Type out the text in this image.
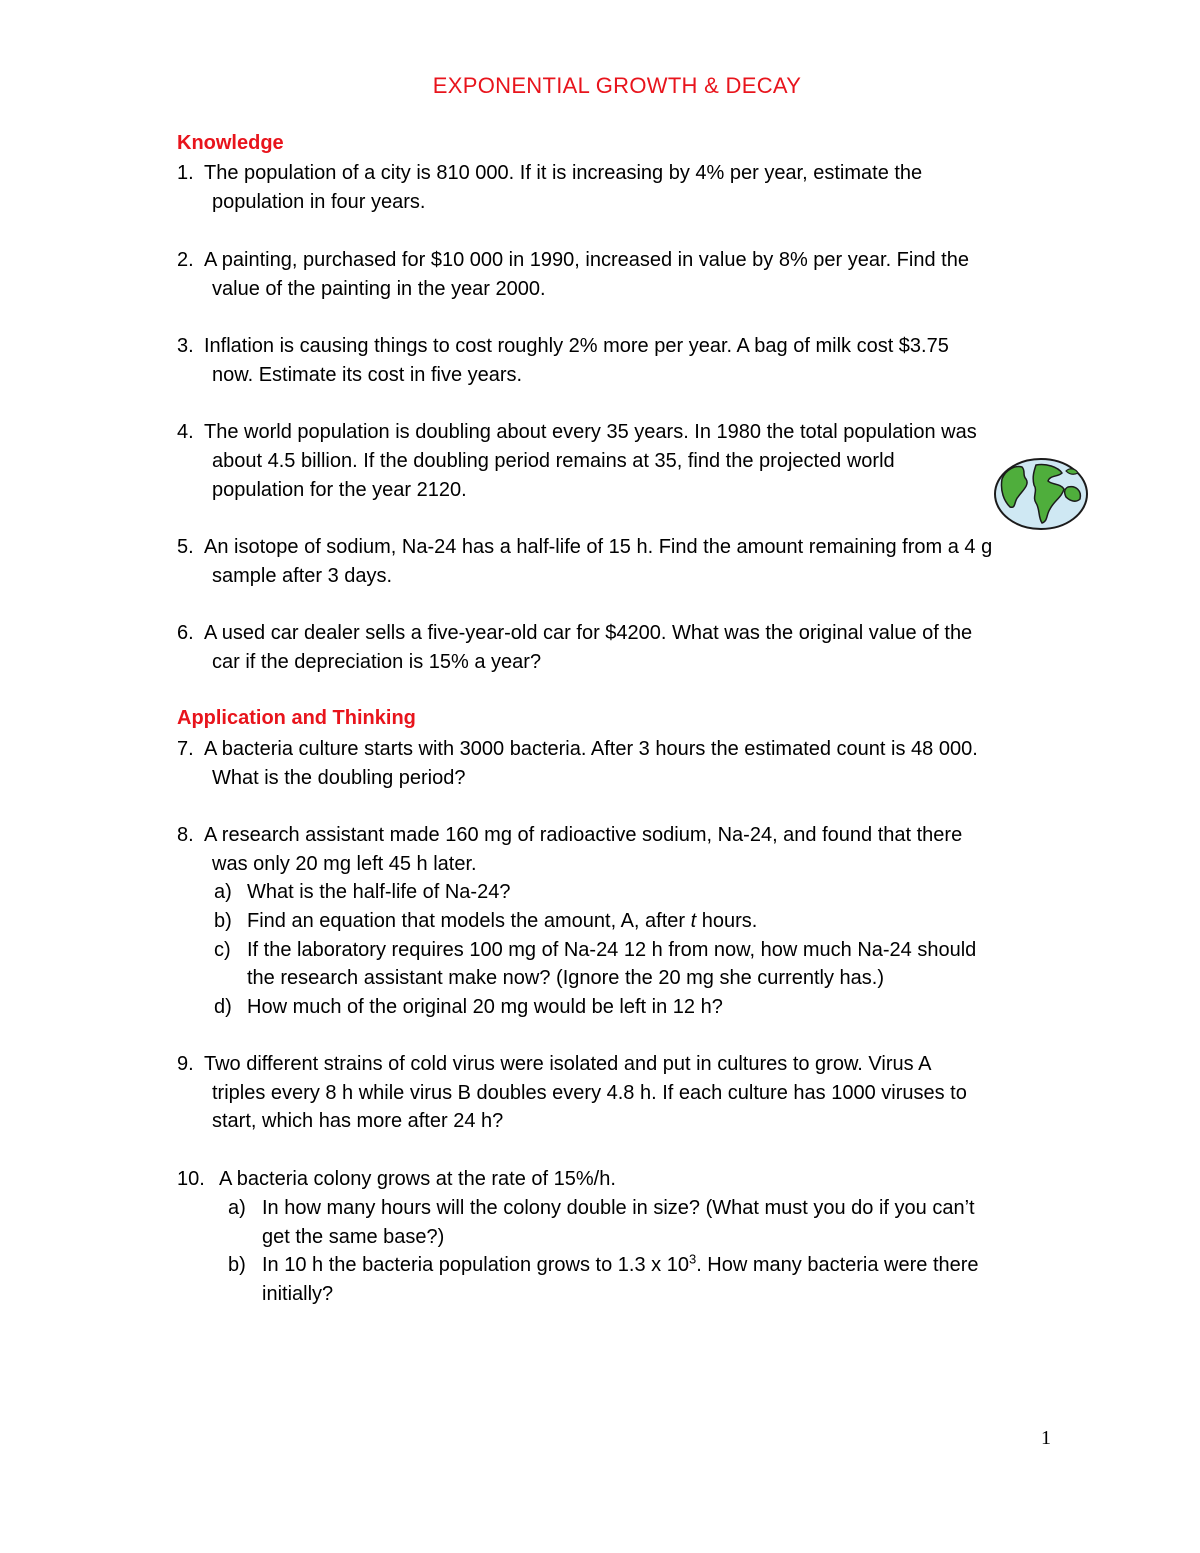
EXPONENTIAL GROWTH & DECAY
Knowledge
1. The population of a city is 810 000. If it is increasing by 4% per year, estimate the
population in four years.
2. A painting, purchased for $10 000 in 1990, increased in value by 8% per year. Find the
value of the painting in the year 2000.
3. Inflation is causing things to cost roughly 2% more per year. A bag of milk cost $3.75
now. Estimate its cost in five years.
4. The world population is doubling about every 35 years. In 1980 the total population was
about 4.5 billion. If the doubling period remains at 35, find the projected world
population for the year 2120.
5. An isotope of sodium, Na-24 has a half-life of 15 h. Find the amount remaining from a 4 g
sample after 3 days.
6. A used car dealer sells a five-year-old car for $4200. What was the original value of the
car if the depreciation is 15% a year?
Application and Thinking
7. A bacteria culture starts with 3000 bacteria. After 3 hours the estimated count is 48 000.
What is the doubling period?
8. A research assistant made 160 mg of radioactive sodium, Na-24, and found that there
was only 20 mg left 45 h later.
a) What is the half-life of Na-24?
b) Find an equation that models the amount, A, after t hours.
c) If the laboratory requires 100 mg of Na-24 12 h from now, how much Na-24 should
the research assistant make now? (Ignore the 20 mg she currently has.)
d) How much of the original 20 mg would be left in 12 h?
9. Two different strains of cold virus were isolated and put in cultures to grow. Virus A
triples every 8 h while virus B doubles every 4.8 h. If each culture has 1000 viruses to
start, which has more after 24 h?
10. A bacteria colony grows at the rate of 15%/h.
a) In how many hours will the colony double in size? (What must you do if you can’t
get the same base?)
b) In 10 h the bacteria population grows to 1.3 x $10^3$. How many bacteria were there
initially?
1
